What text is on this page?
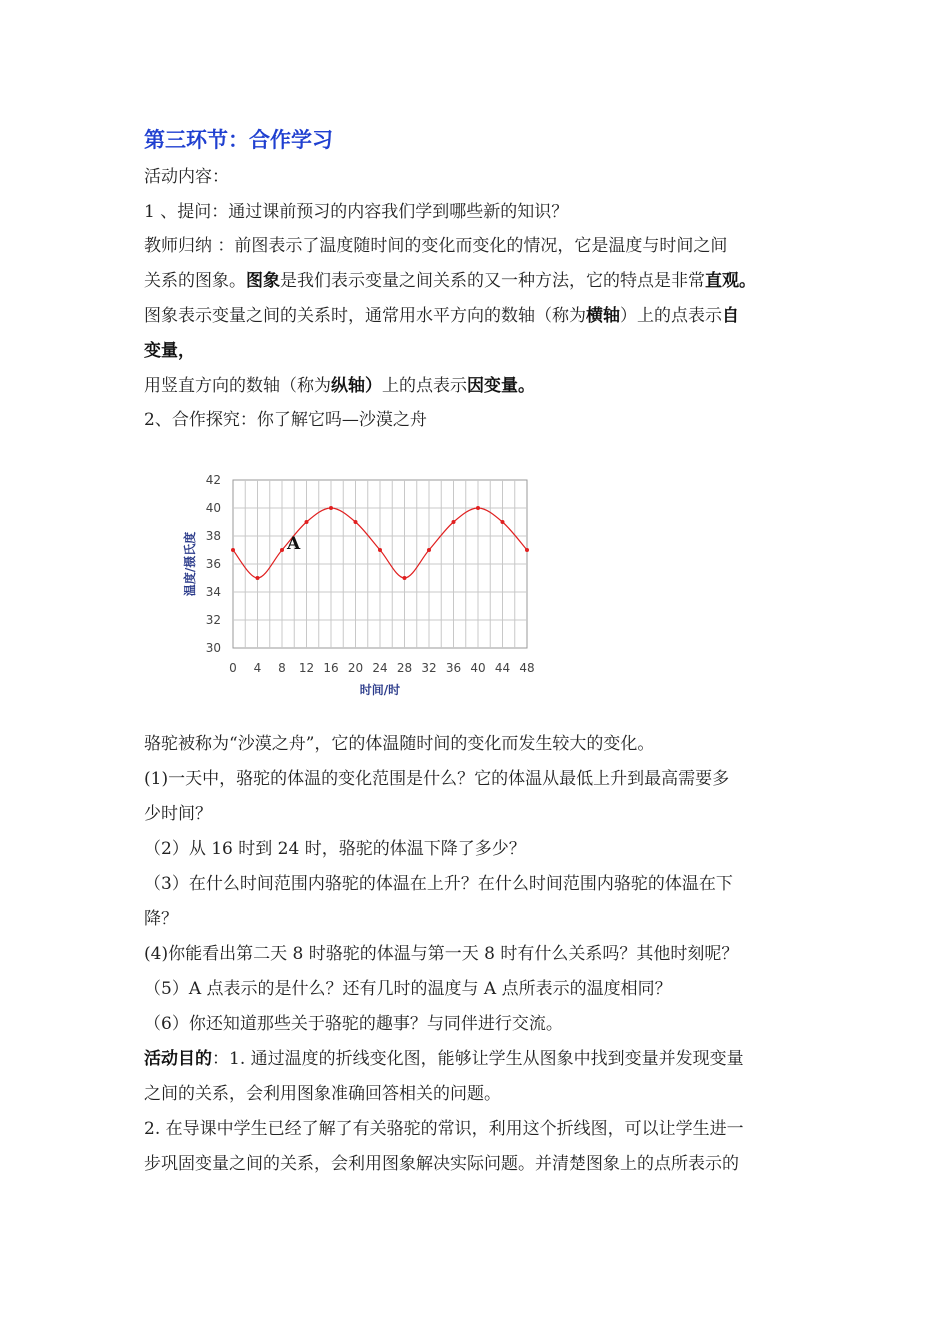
第三环节：合作学习
活动内容：
1 、提问：通过课前预习的内容我们学到哪些新的知识？
教师归纳 ：前图表示了温度随时间的变化而变化的情况，它是温度与时间之间
关系的图象。图象是我们表示变量之间关系的又一种方法，它的特点是非常直观。
图象表示变量之间的关系时，通常用水平方向的数轴（称为横轴）上的点表示自
变量，
用竖直方向的数轴（称为纵轴）上的点表示因变量。
2、合作探究：你了解它吗—沙漠之舟
30
32
34
36
38
40
42
0 4 8 12 16 20 24 28 32 36 40 44 48
A
温度/摄氏度
时间/时
骆驼被称为“沙漠之舟”，它的体温随时间的变化而发生较大的变化。
(1)一天中，骆驼的体温的变化范围是什么？它的体温从最低上升到最高需要多
少时间？
（2）从 16 时到 24 时，骆驼的体温下降了多少？
（3）在什么时间范围内骆驼的体温在上升？在什么时间范围内骆驼的体温在下
降？
(4)你能看出第二天 8 时骆驼的体温与第一天 8 时有什么关系吗？其他时刻呢？
（5）A 点表示的是什么？还有几时的温度与 A 点所表示的温度相同？
（6）你还知道那些关于骆驼的趣事？与同伴进行交流。
活动目的：1. 通过温度的折线变化图，能够让学生从图象中找到变量并发现变量
之间的关系，会利用图象准确回答相关的问题。
2. 在导课中学生已经了解了有关骆驼的常识，利用这个折线图，可以让学生进一
步巩固变量之间的关系，会利用图象解决实际问题。并清楚图象上的点所表示的
